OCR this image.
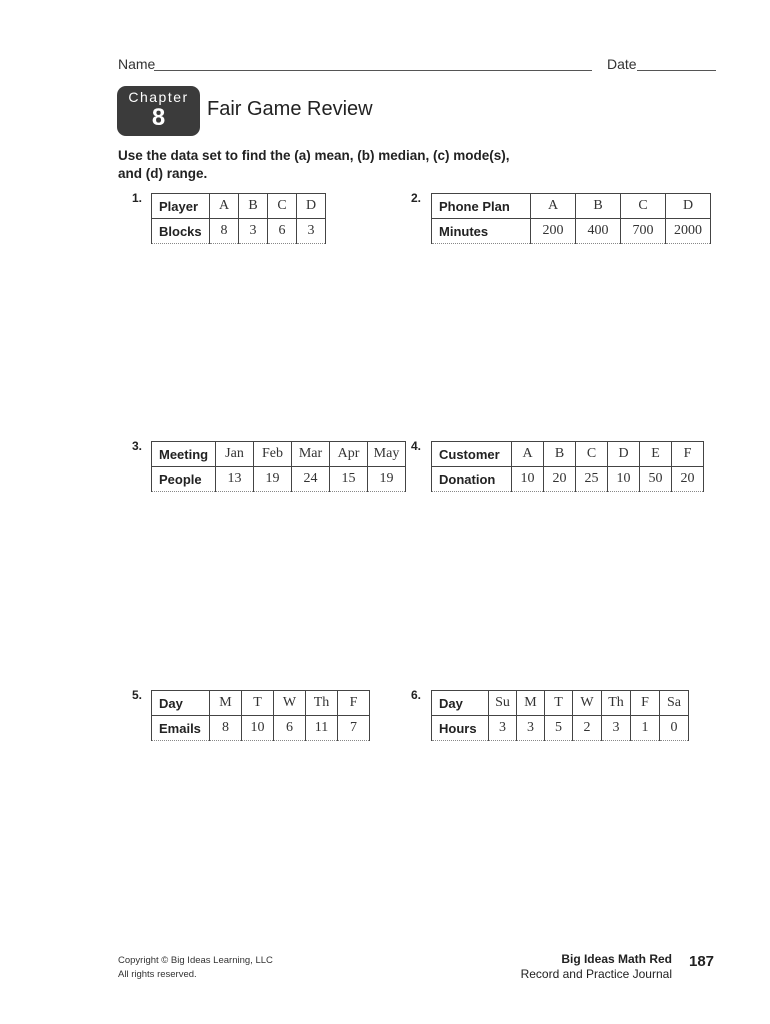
Name	Date
Chapter
8	Fair Game Review
Use the data set to find the (a) mean, (b) median, (c) mode(s),
and (d) range.
1.
Player	A	B	C	D
Blocks	8	3	6	3
2.
Phone Plan	A	B	C	D
Minutes	200	400	700	2000
3.
Meeting	Jan	Feb	Mar	Apr	May
People	13	19	24	15	19
4.
Customer	A	B	C	D	E	F
Donation	10	20	25	10	50	20
5.
Day	M	T	W	Th	F
Emails	8	10	6	11	7
6.
Day	Su	M	T	W	Th	F	Sa
Hours	3	3	5	2	3	1	0
Copyright © Big Ideas Learning, LLC
All rights reserved.
Big Ideas Math Red
Record and Practice Journal
187
